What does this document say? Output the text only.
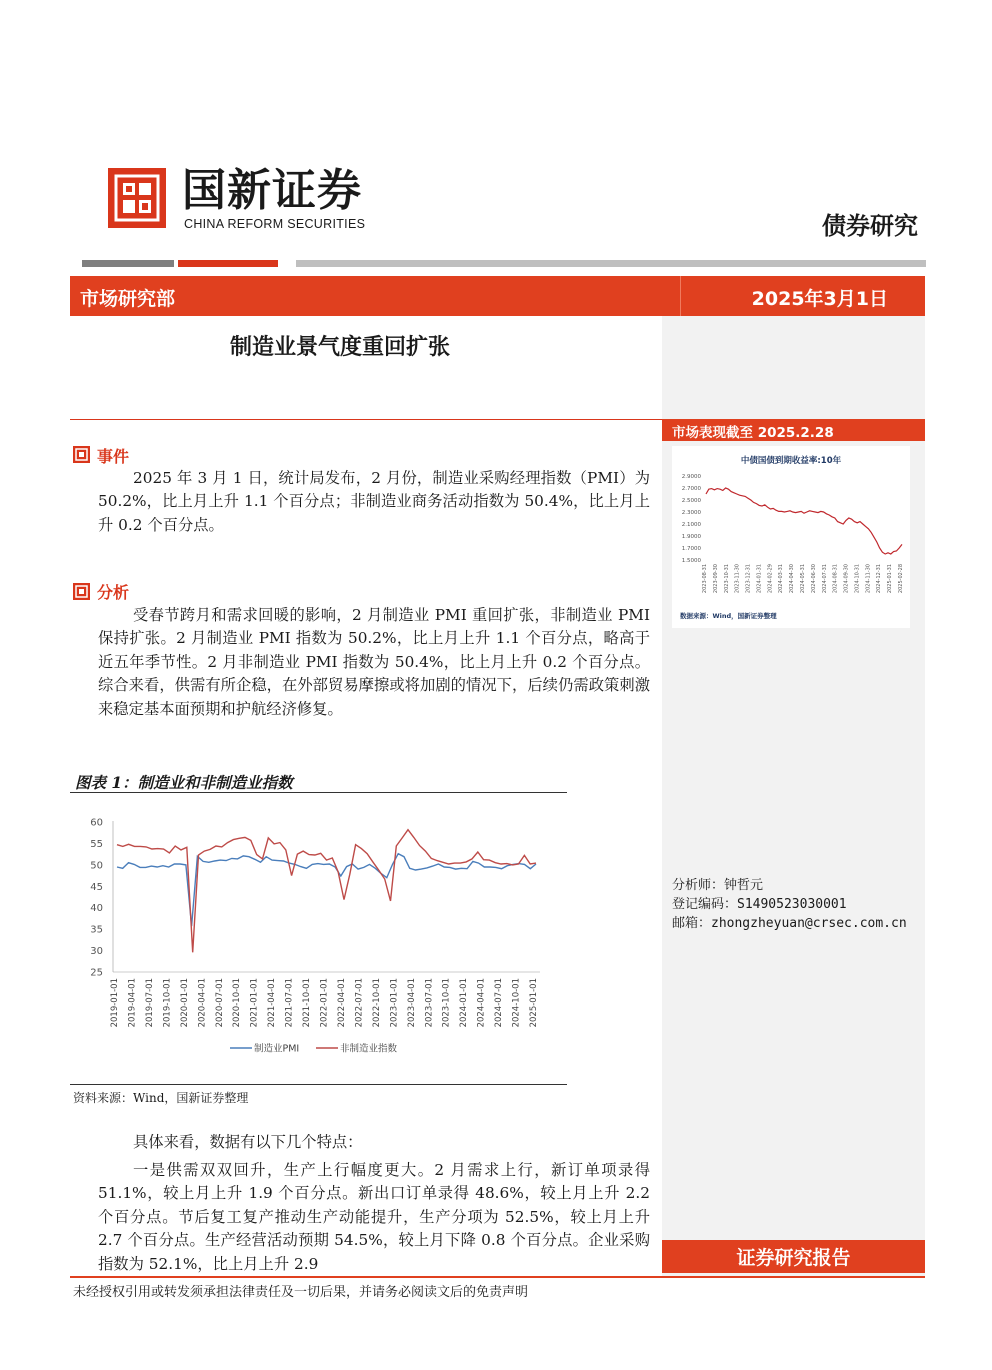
国新证券
CHINA REFORM SECURITIES	债券研究
市场研究部	2025年3月1日
制造业景气度重回扩张
市场表现截至 2025.2.28
中债国债到期收益率:10年
2.9000
2.7000
2.5000
2.3000
2.1000
1.9000
1.7000
1.5000
2023-08-31 2023-09-30 2023-10-31 2023-11-30 2023-12-31 2024-01-31 2024-02-29 2024-03-31 2024-04-30 2024-05-31 2024-06-30 2024-07-31 2024-08-31 2024-09-30 2024-10-31 2024-11-30 2024-12-31 2025-01-31 2025-02-28
数据来源：Wind，国新证券整理
事件
2025 年 3 月 1 日，统计局发布，2 月份，制造业采购经理指数（PMI）为 50.2%，比上月上升 1.1 个百分点；非制造业商务活动指数为 50.4%，比上月上升 0.2 个百分点。
分析
受春节跨月和需求回暖的影响，2 月制造业 PMI 重回扩张，非制造业 PMI 保持扩张。2 月制造业 PMI 指数为 50.2%，比上月上升 1.1 个百分点，略高于近五年季节性。2 月非制造业 PMI 指数为 50.4%，比上月上升 0.2 个百分点。综合来看，供需有所企稳，在外部贸易摩擦或将加剧的情况下，后续仍需政策刺激来稳定基本面预期和护航经济修复。
图表 1：制造业和非制造业指数
60
55
50
45
40
35
30
25
2019-01-01 2019-04-01 2019-07-01 2019-10-01 2020-01-01 2020-04-01 2020-07-01 2020-10-01 2021-01-01 2021-04-01 2021-07-01 2021-10-01 2022-01-01 2022-04-01 2022-07-01 2022-10-01 2023-01-01 2023-04-01 2023-07-01 2023-10-01 2024-01-01 2024-04-01 2024-07-01 2024-10-01 2025-01-01
制造业PMI	非制造业指数
资料来源：Wind，国新证券整理
具体来看，数据有以下几个特点：
一是供需双双回升，生产上行幅度更大。2 月需求上行，新订单项录得 51.1%，较上月上升 1.9 个百分点。新出口订单录得 48.6%，较上月上升 2.2 个百分点。节后复工复产推动生产动能提升，生产分项为 52.5%，较上月上升 2.7 个百分点。生产经营活动预期 54.5%，较上月下降 0.8 个百分点。企业采购指数为 52.1%，比上月上升 2.9
分析师：钟哲元
登记编码：S1490523030001
邮箱：zhongzheyuan@crsec.com.cn
证券研究报告
未经授权引用或转发须承担法律责任及一切后果，并请务必阅读文后的免责声明
